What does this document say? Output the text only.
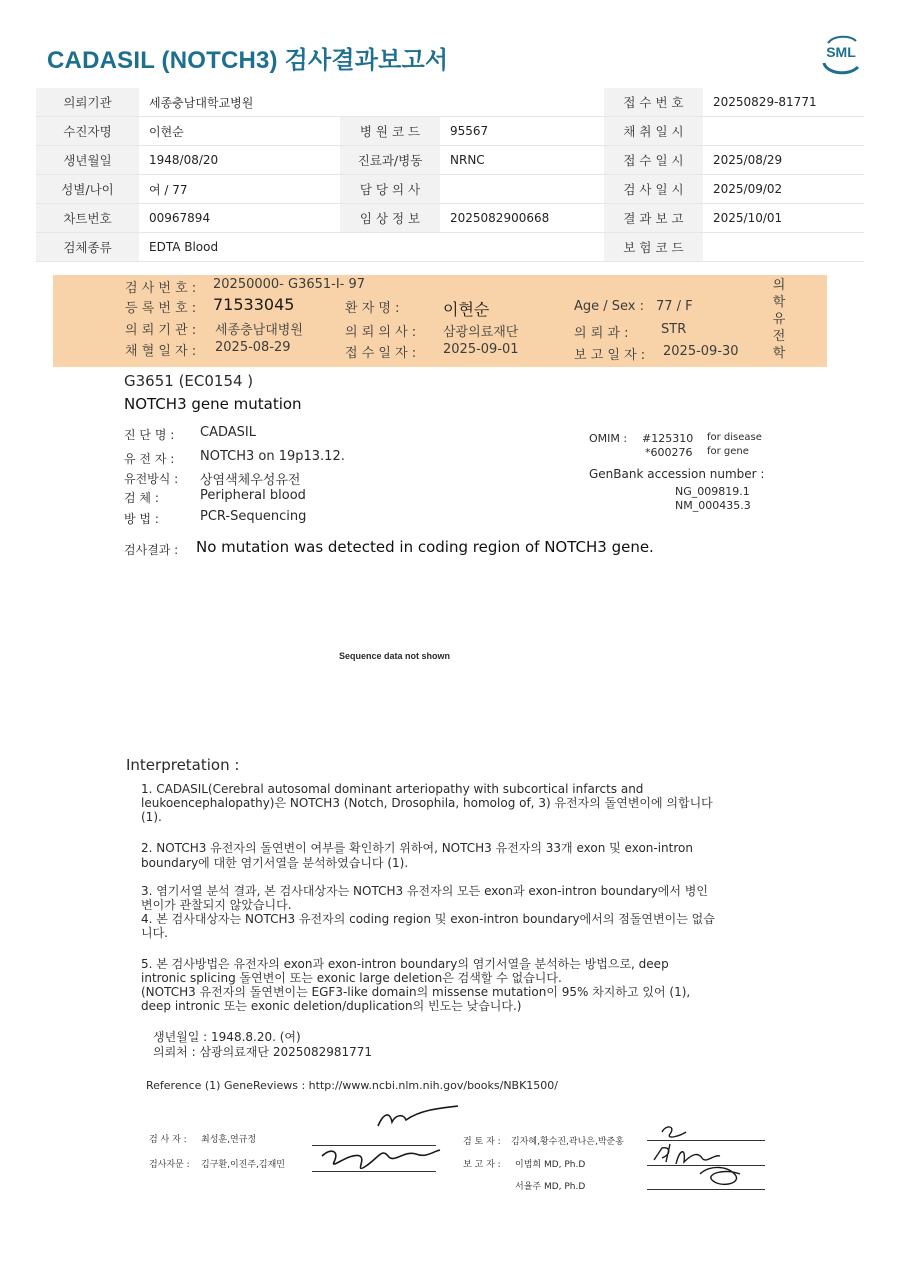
CADASIL (NOTCH3) 검사결과보고서	SML
의뢰기관	세종충남대학교병원			접 수 번 호	20250829-81771
수진자명	이현순	병 원 코 드	95567	채 취 일 시	
생년월일	1948/08/20	진료과/병동	NRNC	접 수 일 시	2025/08/29
성별/나이	여 / 77	담 당 의 사		검 사 일 시	2025/09/02
차트번호	00967894	임 상 정 보	2025082900668	결 과 보 고	2025/10/01
검체종류	EDTA Blood			보 험 코 드	
검 사 번 호 : 20250000- G3651-I- 97
등 록 번 호 : 71533045	환 자 명 :	이현순	Age / Sex : 77 / F
의 뢰 기 관 : 세종충남대병원	의 뢰 의 사 : 삼광의료재단	의 뢰 과 :	STR
채 혈 일 자 : 2025-08-29	접 수 일 자 : 2025-09-01	보 고 일 자 : 2025-09-30
의
학
유
전
학
G3651 (EC0154 )
NOTCH3 gene mutation
진 단 명 : CADASIL
유 전 자 : NOTCH3 on 19p13.12.
유전방식 : 상염색체우성유전
검 체 :	Peripheral blood
방 법 :	PCR-Sequencing
OMIM : #125310 for disease
*600276 for gene
GenBank accession number :
NG_009819.1
NM_000435.3
검사결과 : No mutation was detected in coding region of NOTCH3 gene.
Sequence data not shown
Interpretation :

1. CADASIL(Cerebral autosomal dominant arteriopathy with subcortical infarcts and

leukoencephalopathy)은 NOTCH3 (Notch, Drosophila, homolog of, 3) 유전자의 돌연변이에 의합니다

(1).

2. NOTCH3 유전자의 돌연변이 여부를 확인하기 위하여, NOTCH3 유전자의 33개 exon 및 exon-intron

boundary에 대한 염기서열을 분석하였습니다 (1).

3. 염기서열 분석 결과, 본 검사대상자는 NOTCH3 유전자의 모든 exon과 exon-intron boundary에서 병인

변이가 관찰되지 않았습니다.

4. 본 검사대상자는 NOTCH3 유전자의 coding region 및 exon-intron boundary에서의 점돌연변이는 없습

니다.

5. 본 검사방법은 유전자의 exon과 exon-intron boundary의 염기서열을 분석하는 방법으로, deep

intronic splicing 돌연변이 또는 exonic large deletion은 검색할 수 없습니다.

(NOTCH3 유전자의 돌연변이는 EGF3-like domain의 missense mutation이 95% 차지하고 있어 (1),

deep intronic 또는 exonic deletion/duplication의 빈도는 낮습니다.)

생년월일 : 1948.8.20. (여)
의뢰처 : 삼광의료재단 2025082981771
Reference (1) GeneReviews : http://www.ncbi.nlm.nih.gov/books/NBK1500/
검 사 자 : 최성훈,연규정
검사자문 : 김구환,이진주,김재민
검 토 자 : 김자혜,황수진,곽나은,박준홍
보 고 자 : 이범희 MD, Ph.D
서율주 MD, Ph.D
